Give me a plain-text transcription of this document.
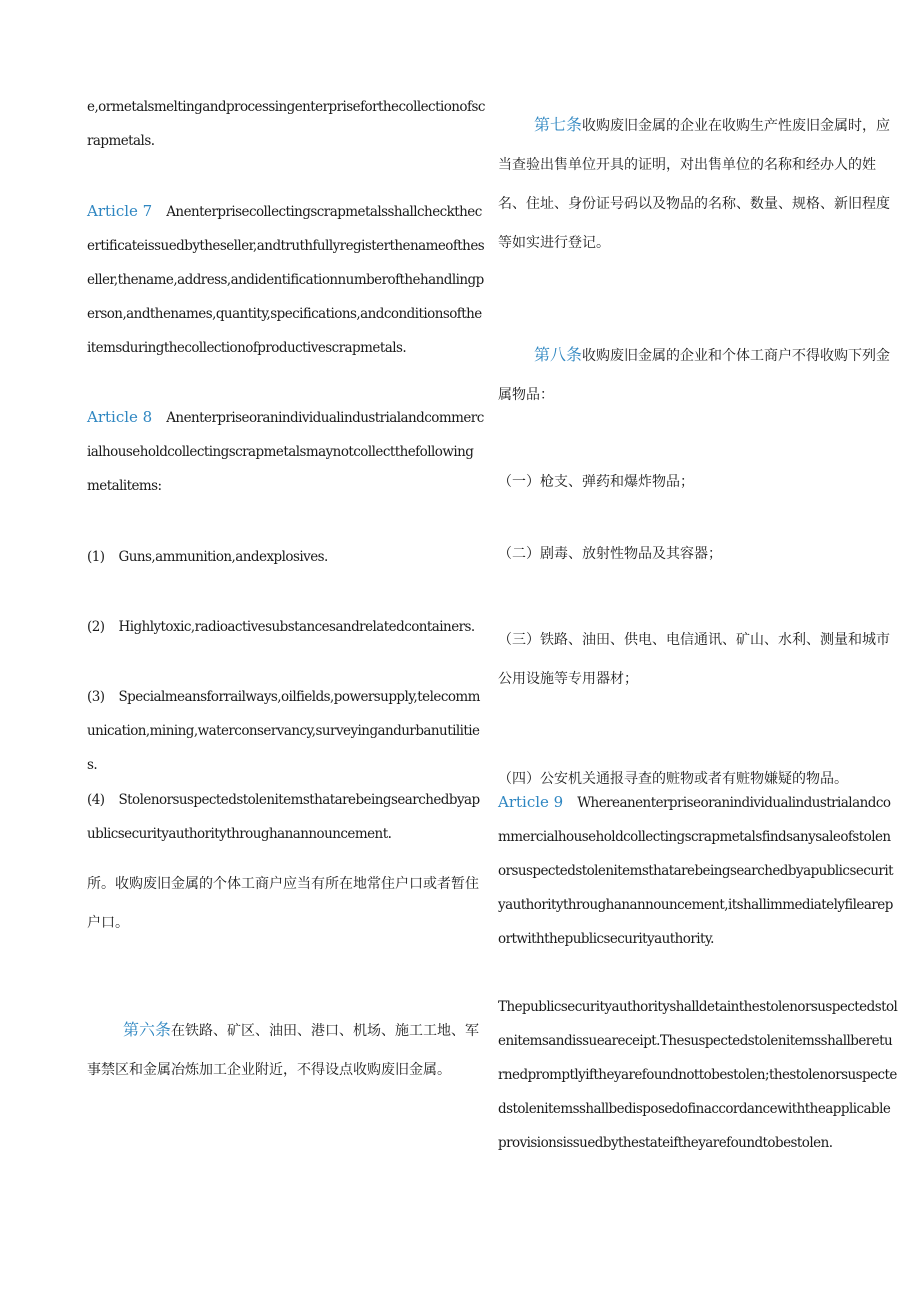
e,ormetalsmeltingandprocessingenterpriseforthecollectionofscrapmetals.

Article 7 Anenterprisecollectingscrapmetalsshallcheckthecertificateissuedbytheseller,andtruthfullyregisterthenameoftheseller,thename,address,andidentificationnumberofthehandlingperson,andthenames,quantity,specifications,andconditionsoftheitemsduringthecollectionofproductivescrapmetals.

Article 8 Anenterpriseoranindividualindustrialandcommercialhouseholdcollectingscrapmetalsmaynotcollectthefollowingmetalitems:

(1) Guns,ammunition,andexplosives.

(2) Highlytoxic,radioactivesubstancesandrelatedcontainers.

(3) Specialmeansforrailways,oilfields,powersupply,telecommunication,mining,waterconservancy,surveyingandurbanutilities.

(4) Stolenorsuspectedstolenitemsthatarebeingsearchedbyapublicsecurityauthoritythroughanannouncement.

所。收购废旧金属的个体工商户应当有所在地常住户口或者暂住户口。

第六条在铁路、矿区、油田、港口、机场、施工工地、军事禁区和金属冶炼加工企业附近，不得设点收购废旧金属。

第七条收购废旧金属的企业在收购生产性废旧金属时，应当查验出售单位开具的证明，对出售单位的名称和经办人的姓名、住址、身份证号码以及物品的名称、数量、规格、新旧程度等如实进行登记。

第八条收购废旧金属的企业和个体工商户不得收购下列金属物品：

（一）枪支、弹药和爆炸物品；

（二）剧毒、放射性物品及其容器；

（三）铁路、油田、供电、电信通讯、矿山、水利、测量和城市公用设施等专用器材；

（四）公安机关通报寻查的赃物或者有赃物嫌疑的物品。

Article 9 Whereanenterpriseoranindividualindustrialandcommercialhouseholdcollectingscrapmetalsfindsanysaleofstolenorsuspectedstolenitemsthatarebeingsearchedbyapublicsecurityauthoritythroughanannouncement,itshallimmediatelyfileareportwiththepublicsecurityauthority.

Thepublicsecurityauthorityshalldetainthestolenorsuspectedstolenitemsandissueareceipt.Thesuspectedstolenitemsshallbereturnedpromptlyiftheyarefoundnottobestolen;thestolenorsuspectedstolenitemsshallbedisposedofinaccordancewiththeapplicableprovisionsissuedbythestateiftheyarefoundtobestolen.
